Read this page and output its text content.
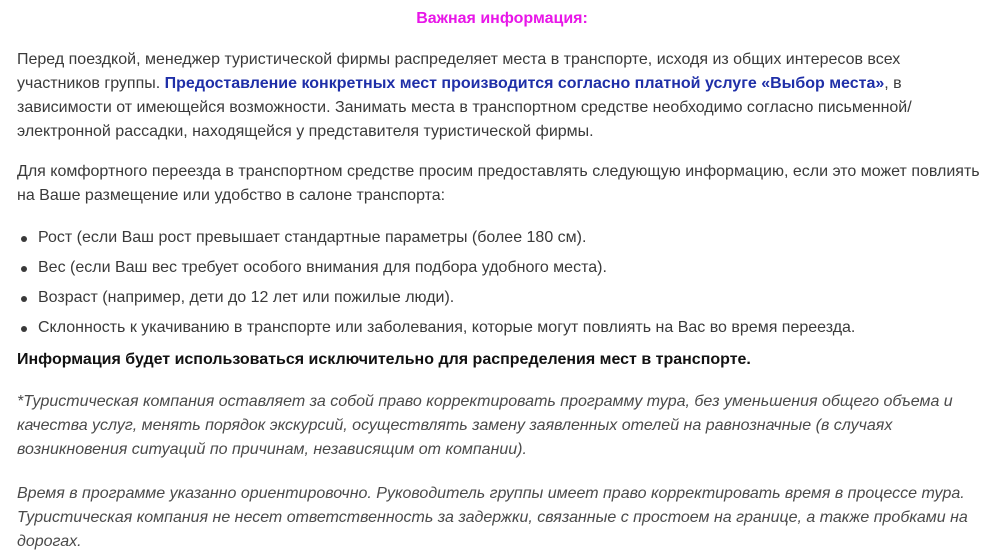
Важная информация:

Перед поездкой, менеджер туристической фирмы распределяет места в транспорте, исходя из общих интересов всех участников группы. Предоставление конкретных мест производится согласно платной услуге «Выбор места», в зависимости от имеющейся возможности. Занимать места в транспортном средстве необходимо согласно письменной/электронной рассадки, находящейся у представителя туристической фирмы.

Для комфортного переезда в транспортном средстве просим предоставлять следующую информацию, если это может повлиять на Ваше размещение или удобство в салоне транспорта:

Рост (если Ваш рост превышает стандартные параметры (более 180 см).
Вес (если Ваш вес требует особого внимания для подбора удобного места).
Возраст (например, дети до 12 лет или пожилые люди).
Склонность к укачиванию в транспорте или заболевания, которые могут повлиять на Вас во время переезда.

Информация будет использоваться исключительно для распределения мест в транспорте.

*Туристическая компания оставляет за собой право корректировать программу тура, без уменьшения общего объема и качества услуг, менять порядок экскурсий, осуществлять замену заявленных отелей на равнозначные (в случаях возникновения ситуаций по причинам, независящим от компании).

Время в программе указанно ориентировочно. Руководитель группы имеет право корректировать время в процессе тура. Туристическая компания не несет ответственность за задержки, связанные с простоем на границе, а также пробками на дорогах.
